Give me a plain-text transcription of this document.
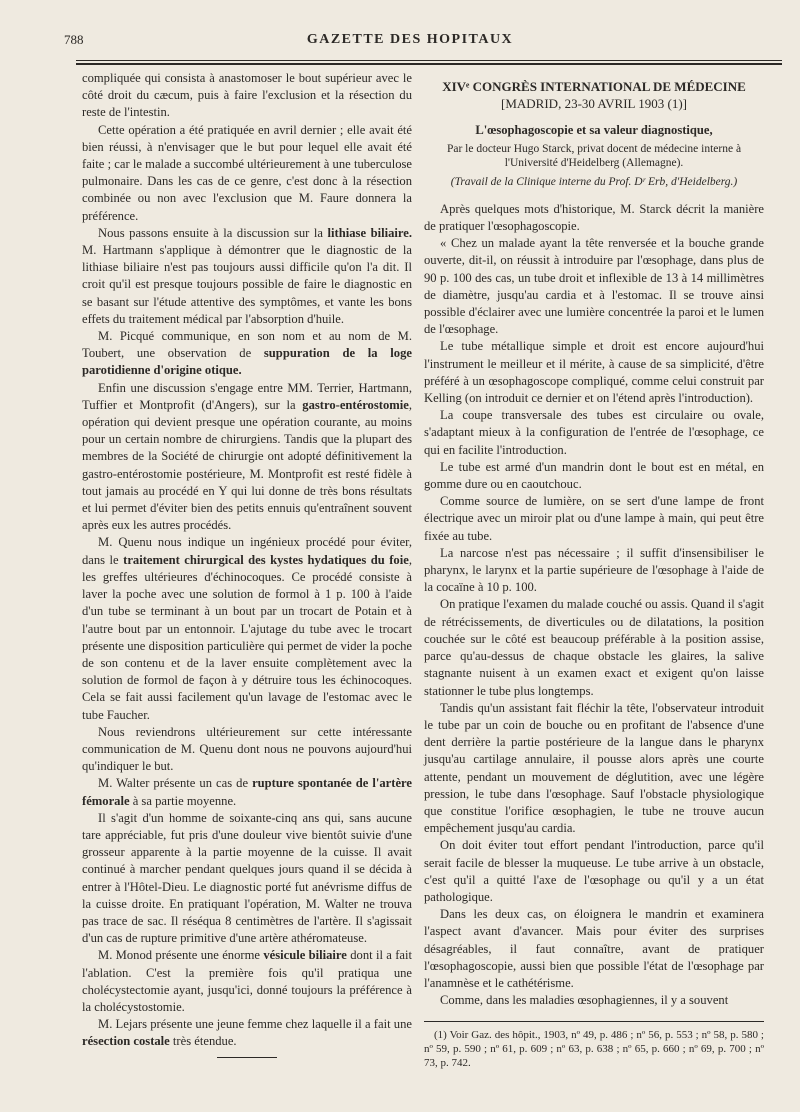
788	GAZETTE DES HOPITAUX

compliquée qui consista à anastomoser le bout supérieur avec le côté droit du cæcum, puis à faire l'exclusion et la résection du reste de l'intestin.

Cette opération a été pratiquée en avril dernier ; elle avait été bien réussi, à n'envisager que le but pour lequel elle avait été faite ; car le malade a succombé ultérieurement à une tuberculose pulmonaire. Dans les cas de ce genre, c'est donc à la résection combinée ou non avec l'exclusion que M. Faure donnera la préférence.

Nous passons ensuite à la discussion sur la lithiase biliaire. M. Hartmann s'applique à démontrer que le diagnostic de la lithiase biliaire n'est pas toujours aussi difficile qu'on l'a dit. Il croit qu'il est presque toujours possible de faire le diagnostic en se basant sur l'étude attentive des symptômes, et vante les bons effets du traitement médical par l'absorption d'huile.

M. Picqué communique, en son nom et au nom de M. Toubert, une observation de suppuration de la loge parotidienne d'origine otique.

Enfin une discussion s'engage entre MM. Terrier, Hartmann, Tuffier et Montprofit (d'Angers), sur la gastro-entérostomie, opération qui devient presque une opération courante, au moins pour un certain nombre de chirurgiens. Tandis que la plupart des membres de la Société de chirurgie ont adopté définitivement la gastro-entérostomie postérieure, M. Montprofit est resté fidèle à tout jamais au procédé en Y qui lui donne de très bons résultats et lui permet d'éviter bien des petits ennuis qu'entraînent souvent après eux les autres procédés.

M. Quenu nous indique un ingénieux procédé pour éviter, dans le traitement chirurgical des kystes hydatiques du foie, les greffes ultérieures d'échinocoques. Ce procédé consiste à laver la poche avec une solution de formol à 1 p. 100 à l'aide d'un tube se terminant à un bout par un trocart de Potain et à l'autre bout par un entonnoir. L'ajutage du tube avec le trocart présente une disposition particulière qui permet de vider la poche de son contenu et de la laver ensuite complètement avec la solution de formol de façon à y détruire tous les échinocoques. Cela se fait aussi facilement qu'un lavage de l'estomac avec le tube Faucher.

Nous reviendrons ultérieurement sur cette intéressante communication de M. Quenu dont nous ne pouvons aujourd'hui qu'indiquer le but.

M. Walter présente un cas de rupture spontanée de l'artère fémorale à sa partie moyenne.

Il s'agit d'un homme de soixante-cinq ans qui, sans aucune tare appréciable, fut pris d'une douleur vive bientôt suivie d'une grosseur apparente à la partie moyenne de la cuisse. Il avait continué à marcher pendant quelques jours quand il se décida à entrer à l'Hôtel-Dieu. Le diagnostic porté fut anévrisme diffus de la cuisse droite. En pratiquant l'opération, M. Walter ne trouva pas trace de sac. Il réséqua 8 centimètres de l'artère. Il s'agissait d'un cas de rupture primitive d'une artère athéromateuse.

M. Monod présente une énorme vésicule biliaire dont il a fait l'ablation. C'est la première fois qu'il pratiqua une cholécystectomie ayant, jusqu'ici, donné toujours la préférence à la cholécystostomie.

M. Lejars présente une jeune femme chez laquelle il a fait une résection costale très étendue.

XIVᵉ CONGRÈS INTERNATIONAL DE MÉDECINE
[MADRID, 23-30 AVRIL 1903 (1)]
L'œsophagoscopie et sa valeur diagnostique,
Par le docteur Hugo Starck, privat docent de médecine interne à l'Université d'Heidelberg (Allemagne).
(Travail de la Clinique interne du Prof. Dʳ Erb, d'Heidelberg.)

Après quelques mots d'historique, M. Starck décrit la manière de pratiquer l'œsophagoscopie.

« Chez un malade ayant la tête renversée et la bouche grande ouverte, dit-il, on réussit à introduire par l'œsophage, dans plus de 90 p. 100 des cas, un tube droit et inflexible de 13 à 14 millimètres de diamètre, jusqu'au cardia et à l'estomac. Il se trouve ainsi possible d'éclairer avec une lumière concentrée la paroi et le lumen de l'œsophage.

Le tube métallique simple et droit est encore aujourd'hui l'instrument le meilleur et il mérite, à cause de sa simplicité, d'être préféré à un œsophagoscope compliqué, comme celui construit par Kelling (on introduit ce dernier et on l'étend après l'introduction).

La coupe transversale des tubes est circulaire ou ovale, s'adaptant mieux à la configuration de l'entrée de l'œsophage, ce qui en facilite l'introduction.

Le tube est armé d'un mandrin dont le bout est en métal, en gomme dure ou en caoutchouc.

Comme source de lumière, on se sert d'une lampe de front électrique avec un miroir plat ou d'une lampe à main, qui peut être fixée au tube.

La narcose n'est pas nécessaire ; il suffit d'insensibiliser le pharynx, le larynx et la partie supérieure de l'œsophage à l'aide de la cocaïne à 10 p. 100.

On pratique l'examen du malade couché ou assis. Quand il s'agit de rétrécissements, de diverticules ou de dilatations, la position couchée sur le côté est beaucoup préférable à la position assise, parce qu'au-dessus de chaque obstacle les glaires, la salive stagnante nuisent à un examen exact et exigent qu'on laisse stationner le tube plus longtemps.

Tandis qu'un assistant fait fléchir la tête, l'observateur introduit le tube par un coin de bouche ou en profitant de l'absence d'une dent derrière la partie postérieure de la langue dans le pharynx jusqu'au cartilage annulaire, il pousse alors après une courte attente, pendant un mouvement de déglutition, avec une légère pression, le tube dans l'œsophage. Sauf l'obstacle physiologique que constitue l'orifice œsophagien, le tube ne trouve aucun empêchement jusqu'au cardia.

On doit éviter tout effort pendant l'introduction, parce qu'il serait facile de blesser la muqueuse. Le tube arrive à un obstacle, c'est qu'il a quitté l'axe de l'œsophage ou qu'il y a un état pathologique.

Dans les deux cas, on éloignera le mandrin et examinera l'aspect avant d'avancer. Mais pour éviter des surprises désagréables, il faut connaître, avant de pratiquer l'œsophagoscopie, aussi bien que possible l'état de l'œsophage par l'anamnèse et le cathétérisme.

Comme, dans les maladies œsophagiennes, il y a souvent

(1) Voir Gaz. des hôpit., 1903, nº 49, p. 486 ; nº 56, p. 553 ; nº 58, p. 580 ; nº 59, p. 590 ; nº 61, p. 609 ; nº 63, p. 638 ; nº 65, p. 660 ; nº 69, p. 700 ; nº 73, p. 742.
